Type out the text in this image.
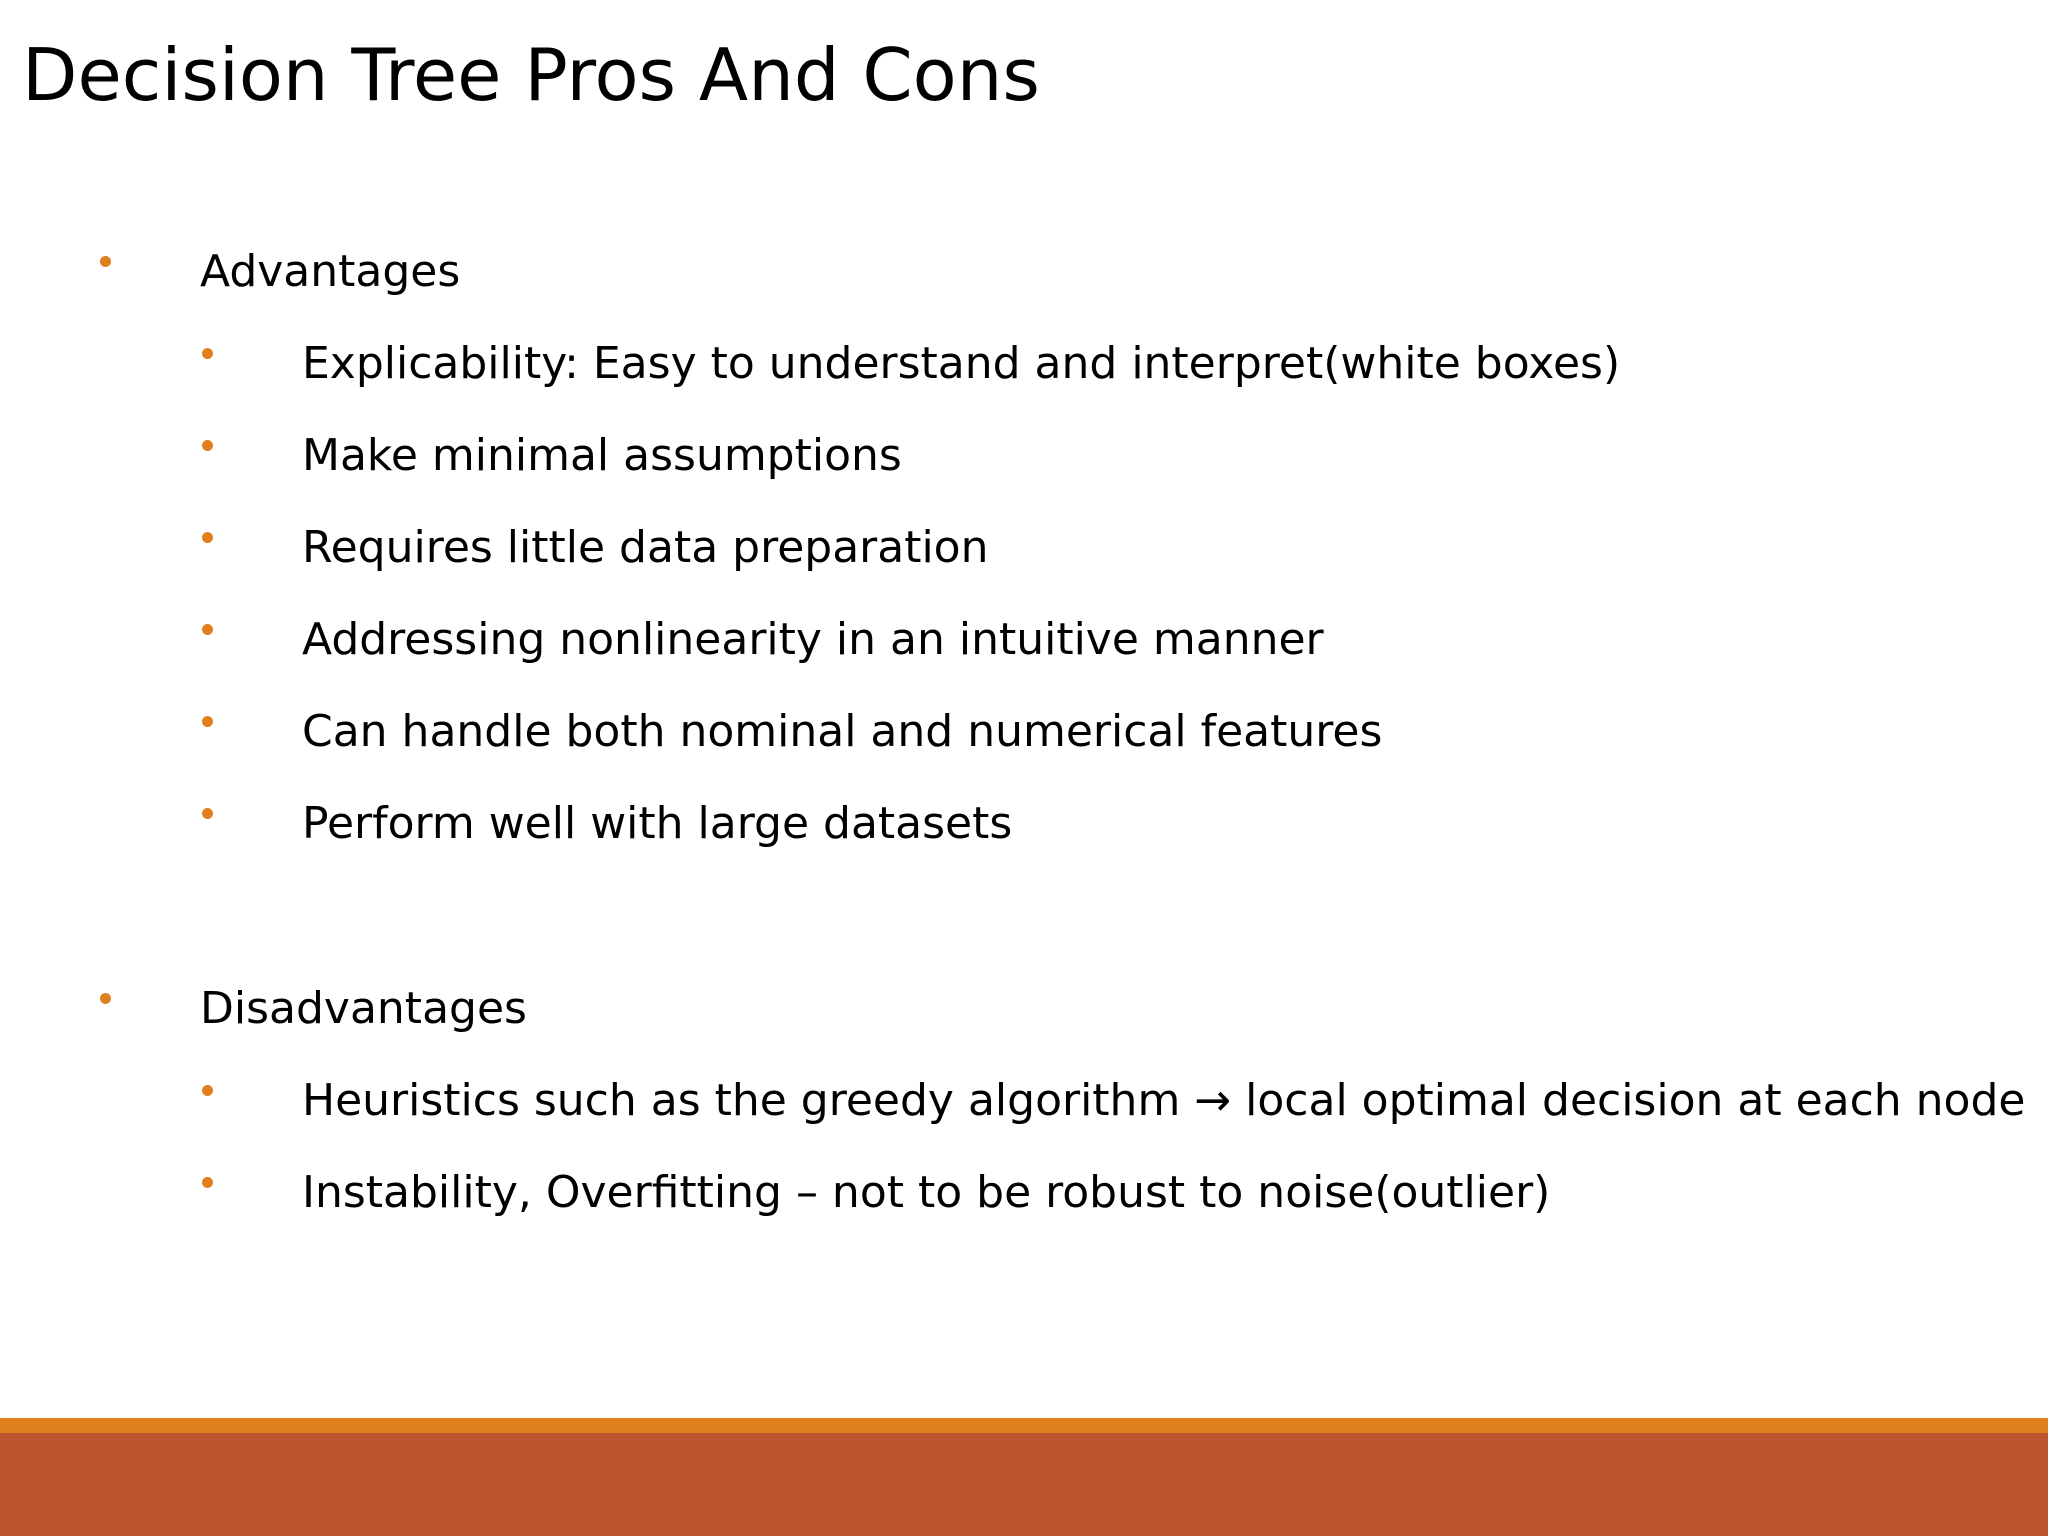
Decision Tree Pros And Cons
Advantages
Explicability: Easy to understand and interpret(white boxes)
Make minimal assumptions
Requires little data preparation
Addressing nonlinearity in an intuitive manner
Can handle both nominal and numerical features
Perform well with large datasets
Disadvantages
Heuristics such as the greedy algorithm → local optimal decision at each node
Instability, Overfitting – not to be robust to noise(outlier)
